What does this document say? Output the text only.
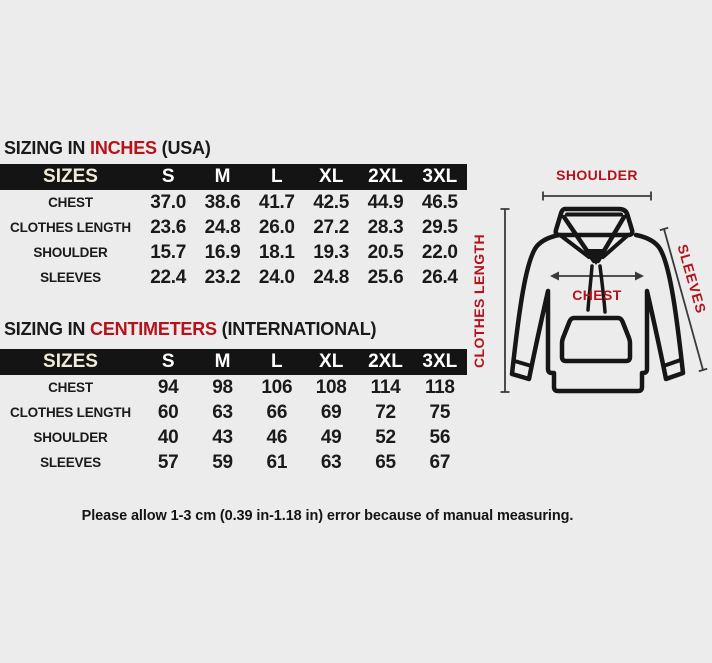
SIZING IN INCHES (USA)
SIZES	S	M	L	XL	2XL	3XL
CHEST	37.0 38.6 41.7 42.5 44.9 46.5
CLOTHES LENGTH	23.6 24.8 26.0 27.2 28.3 29.5
SHOULDER	15.7 16.9 18.1 19.3 20.5 22.0
SLEEVES	22.4 23.2 24.0 24.8 25.6 26.4
SIZING IN CENTIMETERS (INTERNATIONAL)
SIZES	S	M	L	XL	2XL	3XL
CHEST	94	98	106	108	114	118
CLOTHES LENGTH	60	63	66	69	72	75
SHOULDER	40	43	46	49	52	56
SLEEVES	57	59	61	63	65	67
Please allow 1-3 cm (0.39 in-1.18 in) error because of manual measuring.
SHOULDER
CLOTHES LENGTH	CHEST	SLEEVES
